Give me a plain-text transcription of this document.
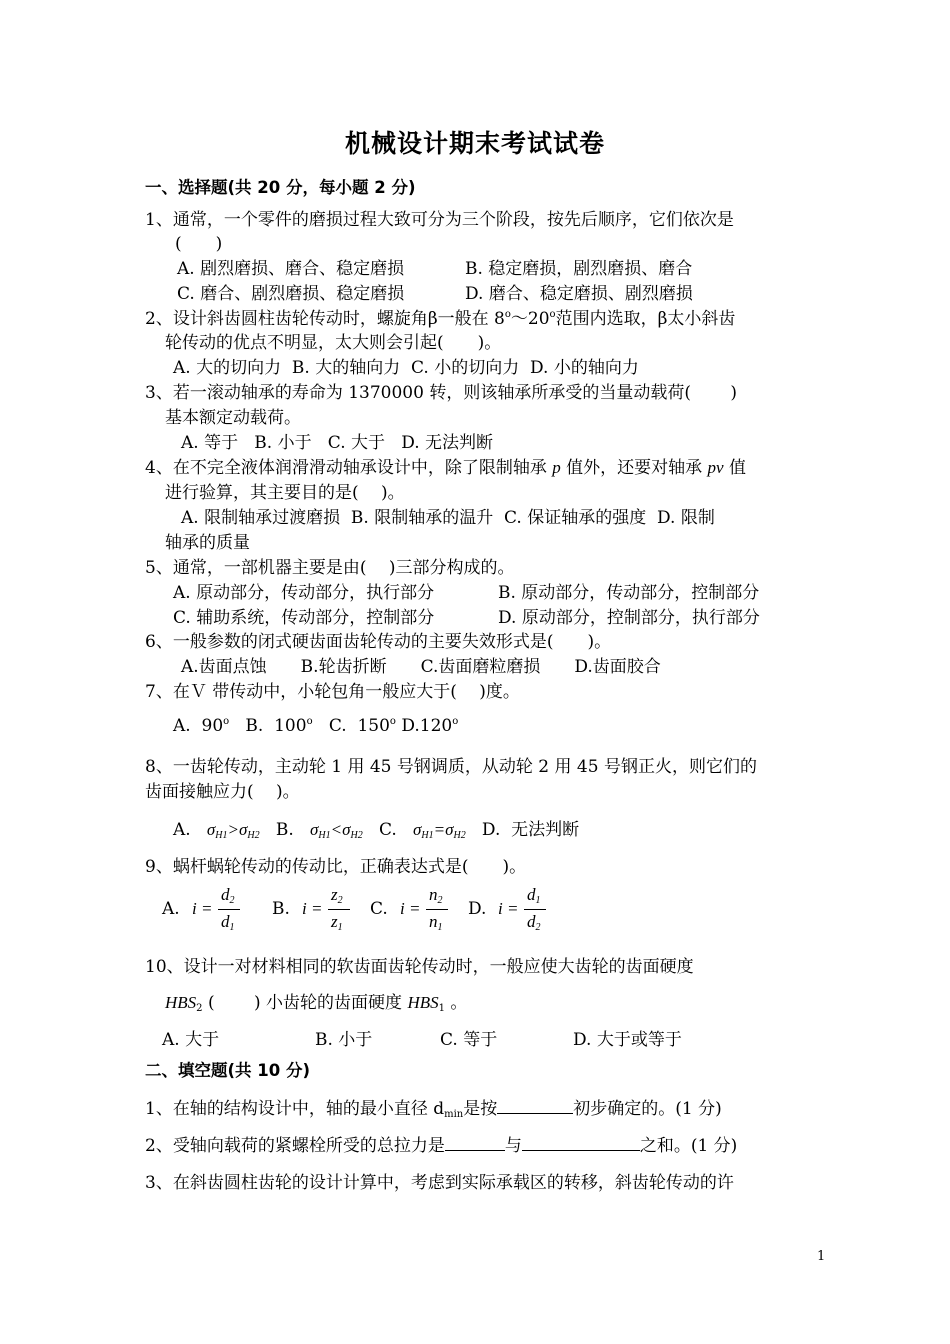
机械设计期末考试试卷
一、选择题(共 20 分，每小题 2 分)
1、通常，一个零件的磨损过程大致可分为三个阶段，按先后顺序，它们依次是
(　　)
A. 剧烈磨损、磨合、稳定磨损	B. 稳定磨损，剧烈磨损、磨合
C. 磨合、剧烈磨损、稳定磨损	D. 磨合、稳定磨损、剧烈磨损
2、设计斜齿圆柱齿轮传动时，螺旋角β一般在 8$^o$～20$^o$范围内选取，β太小斜齿
轮传动的优点不明显，太大则会引起(　　)。
A. 大的切向力  B. 大的轴向力  C. 小的切向力  D. 小的轴向力
3、若一滚动轴承的寿命为 1370000 转，则该轴承所承受的当量动载荷(　　 )
基本额定动载荷。
A. 等于   B. 小于   C. 大于   D. 无法判断
4、在不完全液体润滑滑动轴承设计中，除了限制轴承 p 值外，还要对轴承 pv 值
进行验算，其主要目的是(　 )。
A. 限制轴承过渡磨损  B. 限制轴承的温升  C. 保证轴承的强度  D. 限制
轴承的质量
5、通常，一部机器主要是由(　 )三部分构成的。
A. 原动部分，传动部分，执行部分	B. 原动部分，传动部分，控制部分
C. 辅助系统，传动部分，控制部分	D. 原动部分，控制部分，执行部分
6、一般参数的闭式硬齿面齿轮传动的主要失效形式是(　　)。
A.齿面点蚀　　B.轮齿折断　　C.齿面磨粒磨损　　D.齿面胶合
7、在Ｖ 带传动中，小轮包角一般应大于(　 )度。
A. 90$^o$ B. 100$^o$ C. 150$^o$ D.120$^o$
8、一齿轮传动，主动轮 1 用 45 号钢调质，从动轮 2 用 45 号钢正火，则它们的
齿面接触应力(　 )。
A. $\sigma_{H1}>\sigma_{H2}$ B. $\sigma_{H1}<\sigma_{H2}$ C. $\sigma_{H1}=\sigma_{H2}$ D.  无法判断
9、蜗杆蜗轮传动的传动比，正确表达式是(　　)。
A. i =
$d_2$
$d_1$
B. i =
$z_2$
$z_1$
C. i =
$n_2$
$n_1$
D. i =
$d_1$
$d_2$
10、设计一对材料相同的软齿面齿轮传动时，一般应使大齿轮的齿面硬度
$HBS_2$ (　　 ) 小齿轮的齿面硬度 $HBS_1$ 。
A. 大于	B. 小于	C. 等于	D. 大于或等于
二、填空题(共 10 分)
1、在轴的结构设计中，轴的最小直径 $d_{min}$是按	初步确定的。(1 分)
2、受轴向载荷的紧螺栓所受的总拉力是	与	之和。(1 分)
3、在斜齿圆柱齿轮的设计计算中，考虑到实际承载区的转移，斜齿轮传动的许
1
